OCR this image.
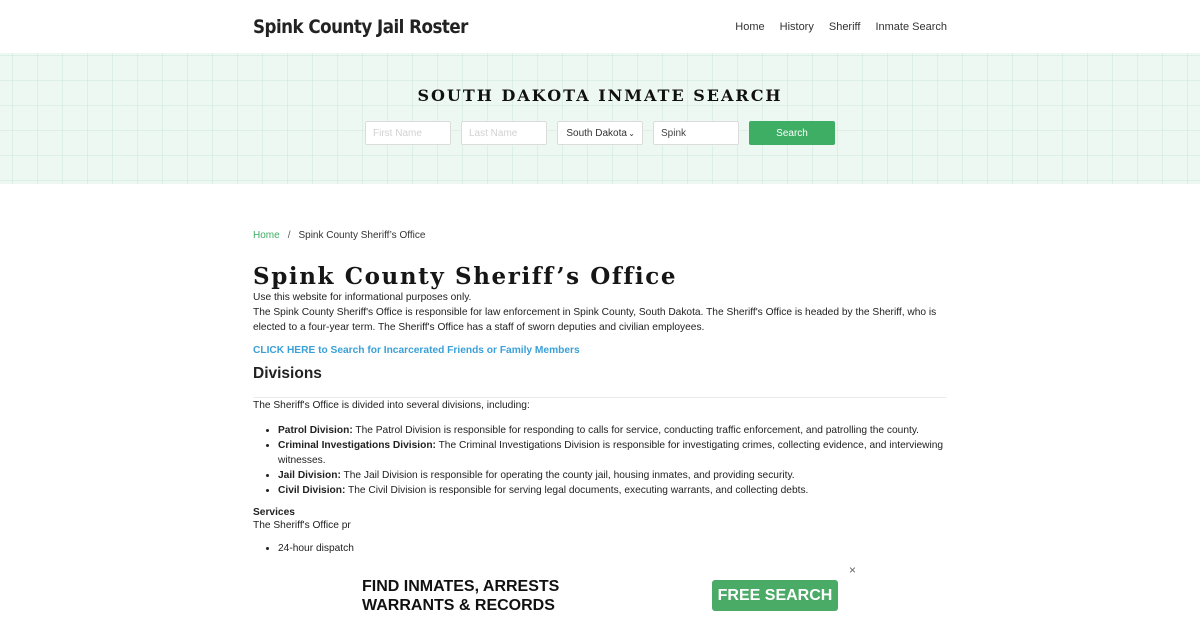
Spink County Jail Roster	Home History Sheriff Inmate Search
SOUTH DAKOTA INMATE SEARCH
First Name	Last Name	South Dakota ⌄	Spink	Search
Home / Spink County Sheriff’s Office
Spink County Sheriff’s Office

Use this website for informational purposes only.

The Spink County Sheriff's Office is responsible for law enforcement in Spink County, South Dakota. The Sheriff's Office is headed by the Sheriff, who is elected to a four-year term. The Sheriff's Office has a staff of sworn deputies and civilian employees.

CLICK HERE to Search for Incarcerated Friends or Family Members
Divisions

The Sheriff's Office is divided into several divisions, including:

• Patrol Division: The Patrol Division is responsible for responding to calls for service, conducting traffic enforcement, and patrolling the county.
• Criminal Investigations Division: The Criminal Investigations Division is responsible for investigating crimes, collecting evidence, and interviewing witnesses.
• Jail Division: The Jail Division is responsible for operating the county jail, housing inmates, and providing security.
• Civil Division: The Civil Division is responsible for serving legal documents, executing warrants, and collecting debts.
Services

The Sheriff's Office pr

• 24-hour dispatch
FIND INMATES, ARRESTS
WARRANTS & RECORDS
FREE SEARCH
×
